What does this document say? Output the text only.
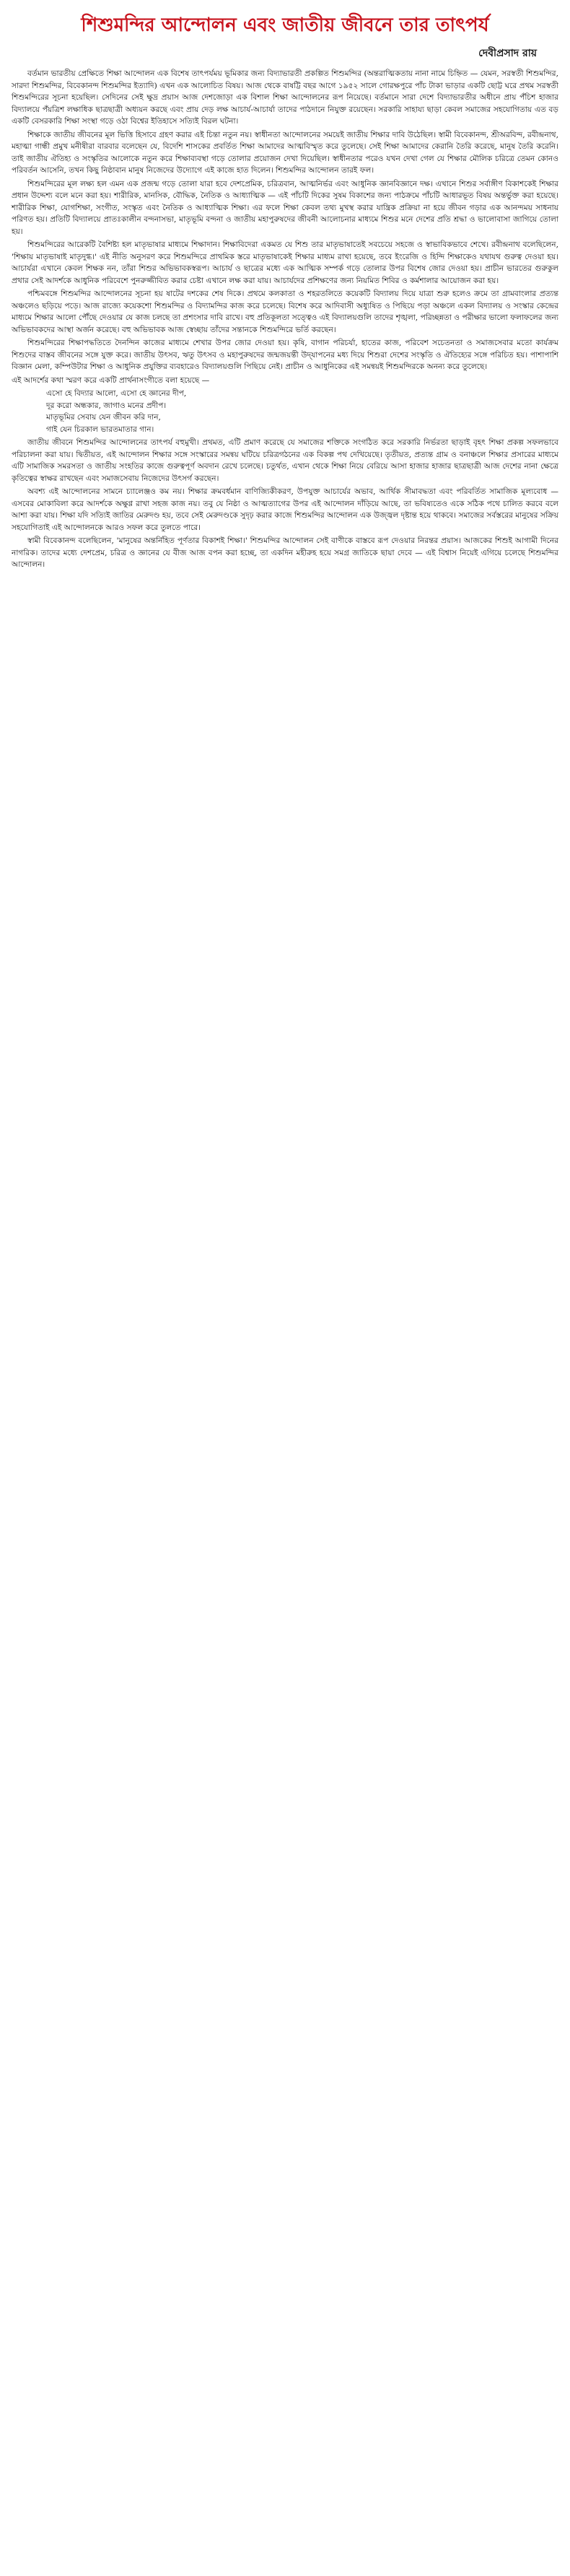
শিশুমন্দির আন্দোলন এবং জাতীয় জীবনে তার তাৎপর্য
দেবীপ্রসাদ রায়

বর্তমান ভারতীয় প্রেক্ষিতে শিক্ষা আন্দোলন এক বিশেষ তাৎপর্যময় ভূমিকার জন্য বিদ্যাভারতী প্রকল্পিত শিশুমন্দির (অন্তরাত্মিকতায় নানা নামে চিহ্নিত — যেমন, সরস্বতী শিশুমন্দির, সারদা শিশুমন্দির, বিবেকানন্দ শিশুমন্দির ইত্যাদি) এখন এক আলোচিত বিষয়। আজ থেকে বাষট্টি বছর আগে ১৯৫২ সালে গোরক্ষপুরে পাঁচ টাকা ভাড়ার একটি ছোট্ট ঘরে প্রথম সরস্বতী শিশুমন্দিরের সূচনা হয়েছিল। সেদিনের সেই ক্ষুদ্র প্রয়াস আজ দেশজোড়া এক বিশাল শিক্ষা আন্দোলনের রূপ নিয়েছে। বর্তমানে সারা দেশে বিদ্যাভারতীর অধীনে প্রায় পঁচিশ হাজার বিদ্যালয়ে পঁয়ত্রিশ লক্ষাধিক ছাত্রছাত্রী অধ্যয়ন করছে এবং প্রায় দেড় লক্ষ আচার্য-আচার্যা তাদের পাঠদানে নিযুক্ত রয়েছেন। সরকারি সাহায্য ছাড়া কেবল সমাজের সহযোগিতায় এত বড় একটি বেসরকারি শিক্ষা সংস্থা গড়ে ওঠা বিশ্বের ইতিহাসে সত্যিই বিরল ঘটনা।

শিক্ষাকে জাতীয় জীবনের মূল ভিত্তি হিসাবে গ্রহণ করার এই চিন্তা নতুন নয়। স্বাধীনতা আন্দোলনের সময়েই জাতীয় শিক্ষার দাবি উঠেছিল। স্বামী বিবেকানন্দ, শ্রীঅরবিন্দ, রবীন্দ্রনাথ, মহাত্মা গান্ধী প্রমুখ মনীষীরা বারবার বলেছেন যে, বিদেশি শাসকের প্রবর্তিত শিক্ষা আমাদের আত্মবিস্মৃত করে তুলেছে। সেই শিক্ষা আমাদের কেরানি তৈরি করেছে, মানুষ তৈরি করেনি। তাই জাতীয় ঐতিহ্য ও সংস্কৃতির আলোকে নতুন করে শিক্ষাব্যবস্থা গড়ে তোলার প্রয়োজন দেখা দিয়েছিল। স্বাধীনতার পরেও যখন দেখা গেল যে শিক্ষার মৌলিক চরিত্রে তেমন কোনও পরিবর্তন আসেনি, তখন কিছু নিষ্ঠাবান মানুষ নিজেদের উদ্যোগে এই কাজে হাত দিলেন। শিশুমন্দির আন্দোলন তারই ফল।

শিশুমন্দিরের মূল লক্ষ্য হল এমন এক প্রজন্ম গড়ে তোলা যারা হবে দেশপ্রেমিক, চরিত্রবান, আত্মনির্ভর এবং আধুনিক জ্ঞানবিজ্ঞানে দক্ষ। এখানে শিশুর সর্বাঙ্গীণ বিকাশকেই শিক্ষার প্রধান উদ্দেশ্য বলে মনে করা হয়। শারীরিক, মানসিক, বৌদ্ধিক, নৈতিক ও আধ্যাত্মিক — এই পাঁচটি দিকের সুষম বিকাশের জন্য পাঠক্রমে পাঁচটি আধারভূত বিষয় অন্তর্ভুক্ত করা হয়েছে। শারীরিক শিক্ষা, যোগশিক্ষা, সংগীত, সংস্কৃত এবং নৈতিক ও আধ্যাত্মিক শিক্ষা। এর ফলে শিক্ষা কেবল তথ্য মুখস্থ করার যান্ত্রিক প্রক্রিয়া না হয়ে জীবন গড়ার এক আনন্দময় সাধনায় পরিণত হয়। প্রতিটি বিদ্যালয়ে প্রাতঃকালীন বন্দনাসভা, মাতৃভূমি বন্দনা ও জাতীয় মহাপুরুষদের জীবনী আলোচনার মাধ্যমে শিশুর মনে দেশের প্রতি শ্রদ্ধা ও ভালোবাসা জাগিয়ে তোলা হয়।

শিশুমন্দিরের আরেকটি বৈশিষ্ট্য হল মাতৃভাষার মাধ্যমে শিক্ষাদান। শিক্ষাবিদেরা একমত যে শিশু তার মাতৃভাষাতেই সবচেয়ে সহজে ও স্বাভাবিকভাবে শেখে। রবীন্দ্রনাথ বলেছিলেন, 'শিক্ষায় মাতৃভাষাই মাতৃদুগ্ধ।' এই নীতি অনুসরণ করে শিশুমন্দিরে প্রাথমিক স্তরে মাতৃভাষাকেই শিক্ষার মাধ্যম রাখা হয়েছে, তবে ইংরেজি ও হিন্দি শিক্ষাকেও যথাযথ গুরুত্ব দেওয়া হয়। আচার্যরা এখানে কেবল শিক্ষক নন, তাঁরা শিশুর অভিভাবকস্বরূপ। আচার্য ও ছাত্রের মধ্যে এক আত্মিক সম্পর্ক গড়ে তোলার উপর বিশেষ জোর দেওয়া হয়। প্রাচীন ভারতের গুরুকুল প্রথার সেই আদর্শকে আধুনিক পরিবেশে পুনরুজ্জীবিত করার চেষ্টা এখানে লক্ষ করা যায়। আচার্যদের প্রশিক্ষণের জন্য নিয়মিত শিবির ও কর্মশালার আয়োজন করা হয়।

পশ্চিমবঙ্গে শিশুমন্দির আন্দোলনের সূচনা হয় ষাটের দশকের শেষ দিকে। প্রথমে কলকাতা ও শহরতলিতে কয়েকটি বিদ্যালয় দিয়ে যাত্রা শুরু হলেও ক্রমে তা গ্রামবাংলার প্রত্যন্ত অঞ্চলেও ছড়িয়ে পড়ে। আজ রাজ্যে কয়েকশো শিশুমন্দির ও বিদ্যামন্দির কাজ করে চলেছে। বিশেষ করে আদিবাসী অধ্যুষিত ও পিছিয়ে পড়া অঞ্চলে একল বিদ্যালয় ও সংস্কার কেন্দ্রের মাধ্যমে শিক্ষার আলো পৌঁছে দেওয়ার যে কাজ চলছে তা প্রশংসার দাবি রাখে। বহু প্রতিকূলতা সত্ত্বেও এই বিদ্যালয়গুলি তাদের শৃঙ্খলা, পরিচ্ছন্নতা ও পরীক্ষার ভালো ফলাফলের জন্য অভিভাবকদের আস্থা অর্জন করেছে। বহু অভিভাবক আজ স্বেচ্ছায় তাঁদের সন্তানকে শিশুমন্দিরে ভর্তি করছেন।

শিশুমন্দিরের শিক্ষাপদ্ধতিতে দৈনন্দিন কাজের মাধ্যমে শেখার উপর জোর দেওয়া হয়। কৃষি, বাগান পরিচর্যা, হাতের কাজ, পরিবেশ সচেতনতা ও সমাজসেবার মতো কার্যক্রম শিশুদের বাস্তব জীবনের সঙ্গে যুক্ত করে। জাতীয় উৎসব, ঋতু উৎসব ও মহাপুরুষদের জন্মজয়ন্তী উদ্‌যাপনের মধ্য দিয়ে শিশুরা দেশের সংস্কৃতি ও ঐতিহ্যের সঙ্গে পরিচিত হয়। পাশাপাশি বিজ্ঞান মেলা, কম্পিউটার শিক্ষা ও আধুনিক প্রযুক্তির ব্যবহারেও বিদ্যালয়গুলি পিছিয়ে নেই। প্রাচীন ও আধুনিকের এই সমন্বয়ই শিশুমন্দিরকে অনন্য করে তুলেছে।

এই আদর্শের কথা স্মরণ করে একটি প্রার্থনাসংগীতে বলা হয়েছে —

এসো হে বিদ্যার আলো, এসো হে জ্ঞানের দীপ,
দূর করো অন্ধকার, জাগাও মনের প্রদীপ।
মাতৃভূমির সেবায় যেন জীবন করি দান,
গাই যেন চিরকাল ভারতমাতার গান।

জাতীয় জীবনে শিশুমন্দির আন্দোলনের তাৎপর্য বহুমুখী। প্রথমত, এটি প্রমাণ করেছে যে সমাজের শক্তিকে সংগঠিত করে সরকারি নির্ভরতা ছাড়াই বৃহৎ শিক্ষা প্রকল্প সফলভাবে পরিচালনা করা যায়। দ্বিতীয়ত, এই আন্দোলন শিক্ষার সঙ্গে সংস্কারের সমন্বয় ঘটিয়ে চরিত্রগঠনের এক বিকল্প পথ দেখিয়েছে। তৃতীয়ত, প্রত্যন্ত গ্রাম ও বনাঞ্চলে শিক্ষার প্রসারের মাধ্যমে এটি সামাজিক সমরসতা ও জাতীয় সংহতির কাজে গুরুত্বপূর্ণ অবদান রেখে চলেছে। চতুর্থত, এখান থেকে শিক্ষা নিয়ে বেরিয়ে আসা হাজার হাজার ছাত্রছাত্রী আজ দেশের নানা ক্ষেত্রে কৃতিত্বের স্বাক্ষর রাখছেন এবং সমাজসেবায় নিজেদের উৎসর্গ করছেন।

অবশ্য এই আন্দোলনের সামনে চ্যালেঞ্জও কম নয়। শিক্ষার ক্রমবর্ধমান বাণিজ্যিকীকরণ, উপযুক্ত আচার্যের অভাব, আর্থিক সীমাবদ্ধতা এবং পরিবর্তিত সামাজিক মূল্যবোধ — এসবের মোকাবিলা করে আদর্শকে অক্ষুণ্ণ রাখা সহজ কাজ নয়। তবু যে নিষ্ঠা ও আত্মত্যাগের উপর এই আন্দোলন দাঁড়িয়ে আছে, তা ভবিষ্যতেও একে সঠিক পথে চালিত করবে বলে আশা করা যায়। শিক্ষা যদি সত্যিই জাতির মেরুদণ্ড হয়, তবে সেই মেরুদণ্ডকে সুদৃঢ় করার কাজে শিশুমন্দির আন্দোলন এক উজ্জ্বল দৃষ্টান্ত হয়ে থাকবে। সমাজের সর্বস্তরের মানুষের সক্রিয় সহযোগিতাই এই আন্দোলনকে আরও সফল করে তুলতে পারে।

স্বামী বিবেকানন্দ বলেছিলেন, 'মানুষের অন্তর্নিহিত পূর্ণতার বিকাশই শিক্ষা।' শিশুমন্দির আন্দোলন সেই বাণীকে বাস্তবে রূপ দেওয়ার নিরন্তর প্রয়াস। আজকের শিশুই আগামী দিনের নাগরিক। তাদের মধ্যে দেশপ্রেম, চরিত্র ও জ্ঞানের যে বীজ আজ বপন করা হচ্ছে, তা একদিন মহীরুহ হয়ে সমগ্র জাতিকে ছায়া দেবে — এই বিশ্বাস নিয়েই এগিয়ে চলেছে শিশুমন্দির আন্দোলন।
